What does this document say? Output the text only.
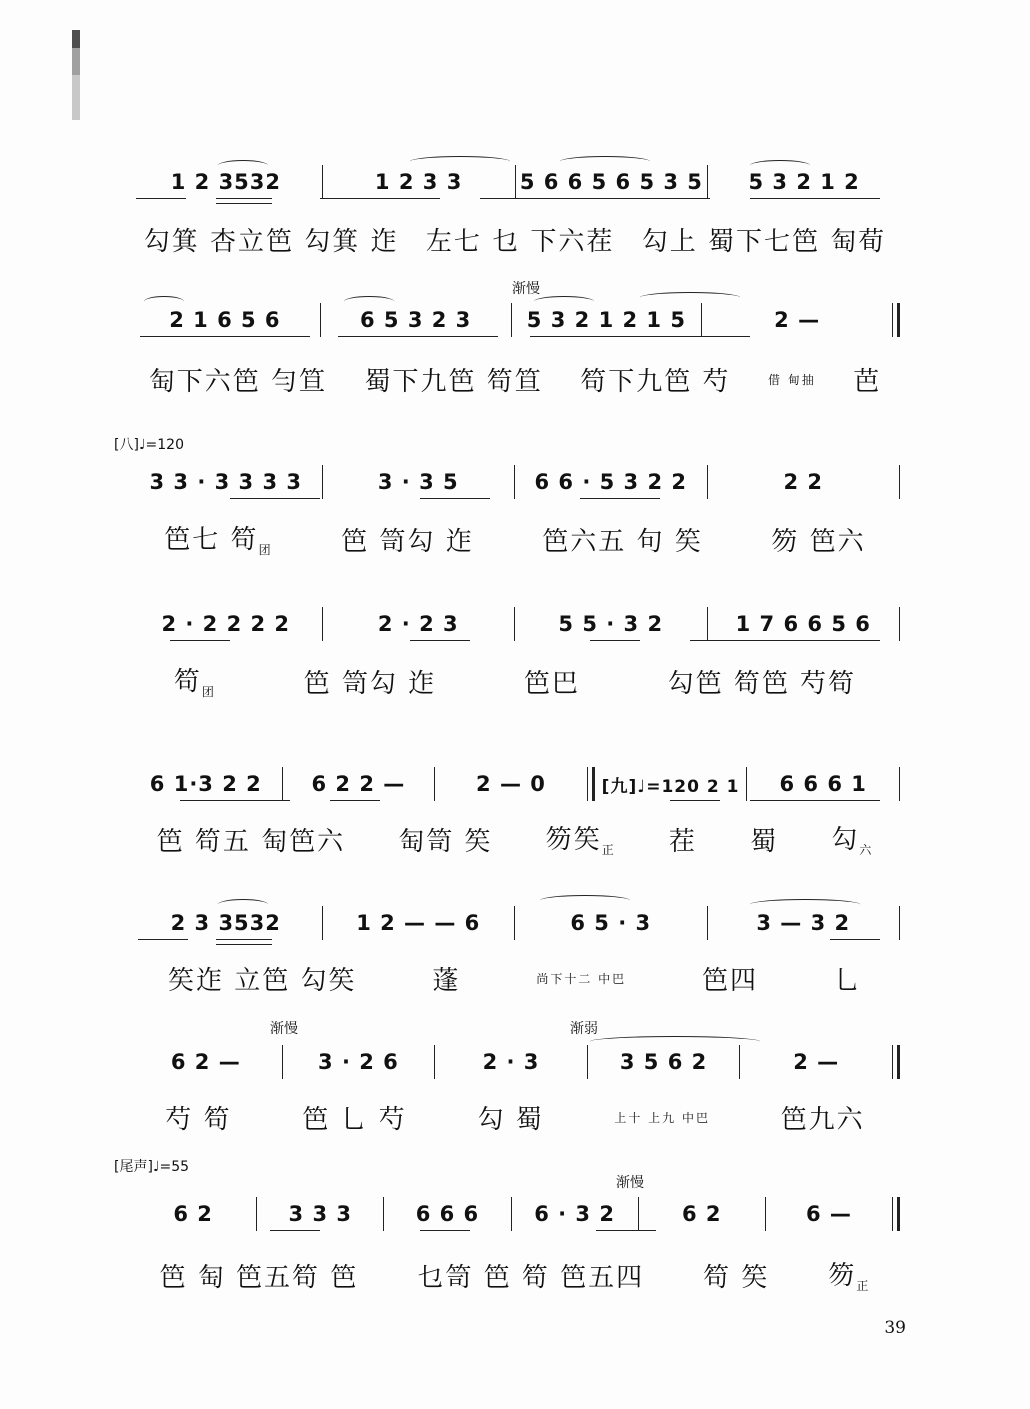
1 2 3532	1 2 3 3	5 6 6 5 6 5 3 5	5 3 2 1 2
勾箕 杏立笆 勾箕 迮 左七 乜 下六茬 勾上 蜀下七笆 匋荀
渐慢
2 1 6 5 6	6 5 3 2 3	5 3 2 1 2 1 5	2 —
匋下六笆 勻笪 蜀下九笆 笱笪 笱下九笆 芍	借 甸抽 芭
[八]♩=120
3 3 · 3 3 3 3	3 · 3 5	6 6 · 5 3 2 2	2 2
笆七 笱$_团$	笆 笥勾 迮	笆六五 句 笶	笏 笆六
2 · 2 2 2 2	2 · 2 3	5 5 · 3 2	1 7 6 6 5 6
笱$_团$	笆 笥勾 迮	笆巴	勾笆 笱笆 芍笱
6 1·3 2 2	6 2 2 —	2 — 0	[九]♩=120 2 1	6 6 6 1
笆 笱五 匋笆六 匋笥 笶 笏笶$_正$ 茬 蜀 勾$_六$
2 3 3532	1 2 — — 6	6 5 · 3	3 — 3 2
笶迮 立笆 勾笶	蓬	尚下十二 中巴	笆四	乚
渐慢	渐弱
6 2 —	3 · 2 6	2 · 3	3 5 6 2	2 —
芍 笱	笆 乚 芍	勾 蜀	上十 上九 中巴	笆九六
[尾声]♩=55
渐慢
6 2	3 3 3	6 6 6	6 · 3 2	6 2	6 —
笆 匋 笆五笱 笆 乜笥 笆 笱 笆五四 笱 笶 笏$_正$
39
